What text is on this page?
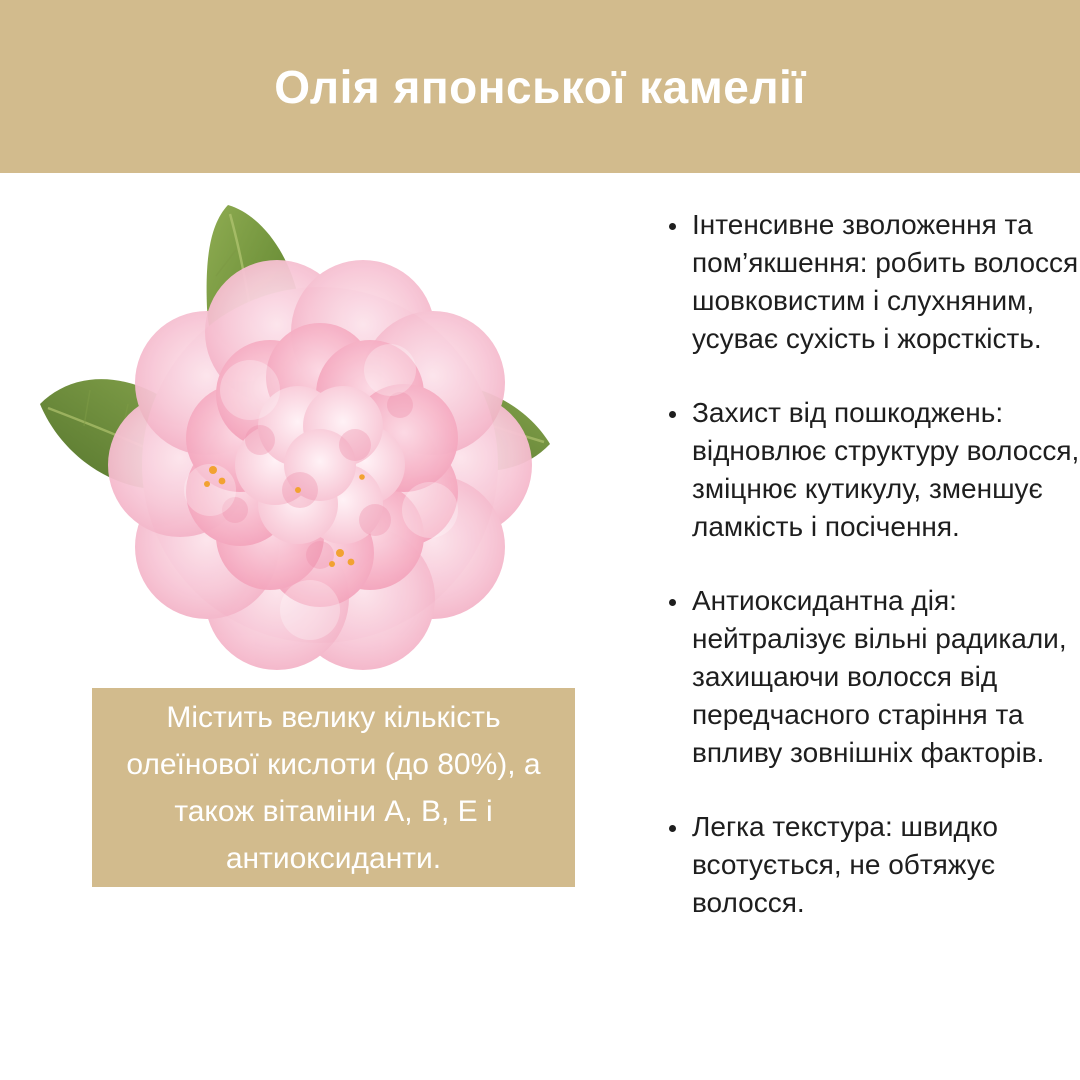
Олія японської камелії
Містить велику кількість олеїнової кислоти (до 80%), а також вітаміни A, B, E і антиоксиданти.
• Інтенсивне зволоження та пом’якшення: робить волосся шовковистим і слухняним, усуває сухість і жорсткість.
• Захист від пошкоджень: відновлює структуру волосся, зміцнює кутикулу, зменшує ламкість і посічення.
• Антиоксидантна дія: нейтралізує вільні радикали, захищаючи волосся від передчасного старіння та впливу зовнішніх факторів.
• Легка текстура: швидко всотується, не обтяжує волосся.
